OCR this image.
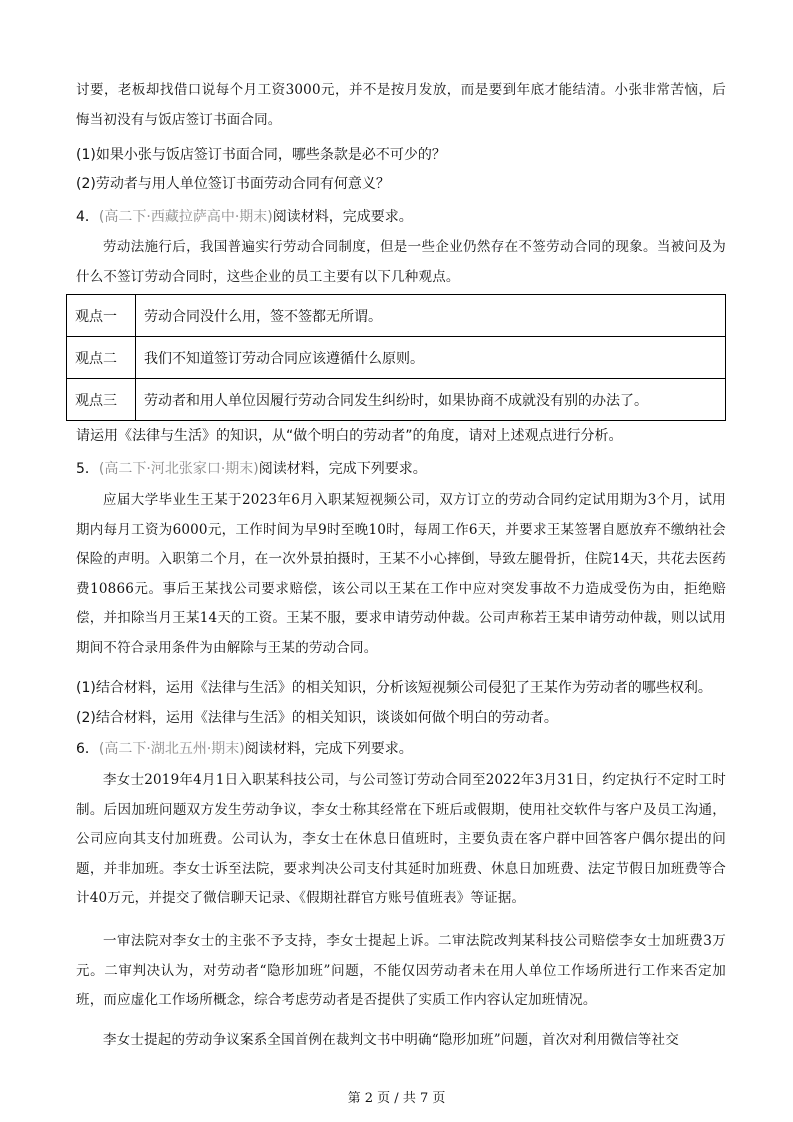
讨要，老板却找借口说每个月工资3000元，并不是按月发放，而是要到年底才能结清。小张非常苦恼，后悔当初没有与饭店签订书面合同。
(1)如果小张与饭店签订书面合同，哪些条款是必不可少的？
(2)劳动者与用人单位签订书面劳动合同有何意义？
4．(高二下·西藏拉萨高中·期末)阅读材料，完成要求。
劳动法施行后，我国普遍实行劳动合同制度，但是一些企业仍然存在不签劳动合同的现象。当被问及为什么不签订劳动合同时，这些企业的员工主要有以下几种观点。
观点一	劳动合同没什么用，签不签都无所谓。
观点二	我们不知道签订劳动合同应该遵循什么原则。
观点三	劳动者和用人单位因履行劳动合同发生纠纷时，如果协商不成就没有别的办法了。
请运用《法律与生活》的知识，从“做个明白的劳动者”的角度，请对上述观点进行分析。
5．(高二下·河北张家口·期末)阅读材料，完成下列要求。
应届大学毕业生王某于2023年6月入职某短视频公司，双方订立的劳动合同约定试用期为3个月，试用期内每月工资为6000元，工作时间为早9时至晚10时，每周工作6天，并要求王某签署自愿放弃不缴纳社会保险的声明。入职第二个月，在一次外景拍摄时，王某不小心摔倒，导致左腿骨折，住院14天，共花去医药费10866元。事后王某找公司要求赔偿，该公司以王某在工作中应对突发事故不力造成受伤为由，拒绝赔偿，并扣除当月王某14天的工资。王某不服，要求申请劳动仲裁。公司声称若王某申请劳动仲裁，则以试用期间不符合录用条件为由解除与王某的劳动合同。
(1)结合材料，运用《法律与生活》的相关知识，分析该短视频公司侵犯了王某作为劳动者的哪些权利。
(2)结合材料，运用《法律与生活》的相关知识，谈谈如何做个明白的劳动者。
6．(高二下·湖北五州·期末)阅读材料，完成下列要求。
李女士2019年4月1日入职某科技公司，与公司签订劳动合同至2022年3月31日，约定执行不定时工时制。后因加班问题双方发生劳动争议，李女士称其经常在下班后或假期，使用社交软件与客户及员工沟通，公司应向其支付加班费。公司认为，李女士在休息日值班时，主要负责在客户群中回答客户偶尔提出的问题，并非加班。李女士诉至法院，要求判决公司支付其延时加班费、休息日加班费、法定节假日加班费等合计40万元，并提交了微信聊天记录、《假期社群官方账号值班表》等证据。
一审法院对李女士的主张不予支持，李女士提起上诉。二审法院改判某科技公司赔偿李女士加班费3万元。二审判决认为，对劳动者“隐形加班”问题，不能仅因劳动者未在用人单位工作场所进行工作来否定加班，而应虚化工作场所概念，综合考虑劳动者是否提供了实质工作内容认定加班情况。
李女士提起的劳动争议案系全国首例在裁判文书中明确“隐形加班”问题，首次对利用微信等社交
第 2 页 / 共 7 页
